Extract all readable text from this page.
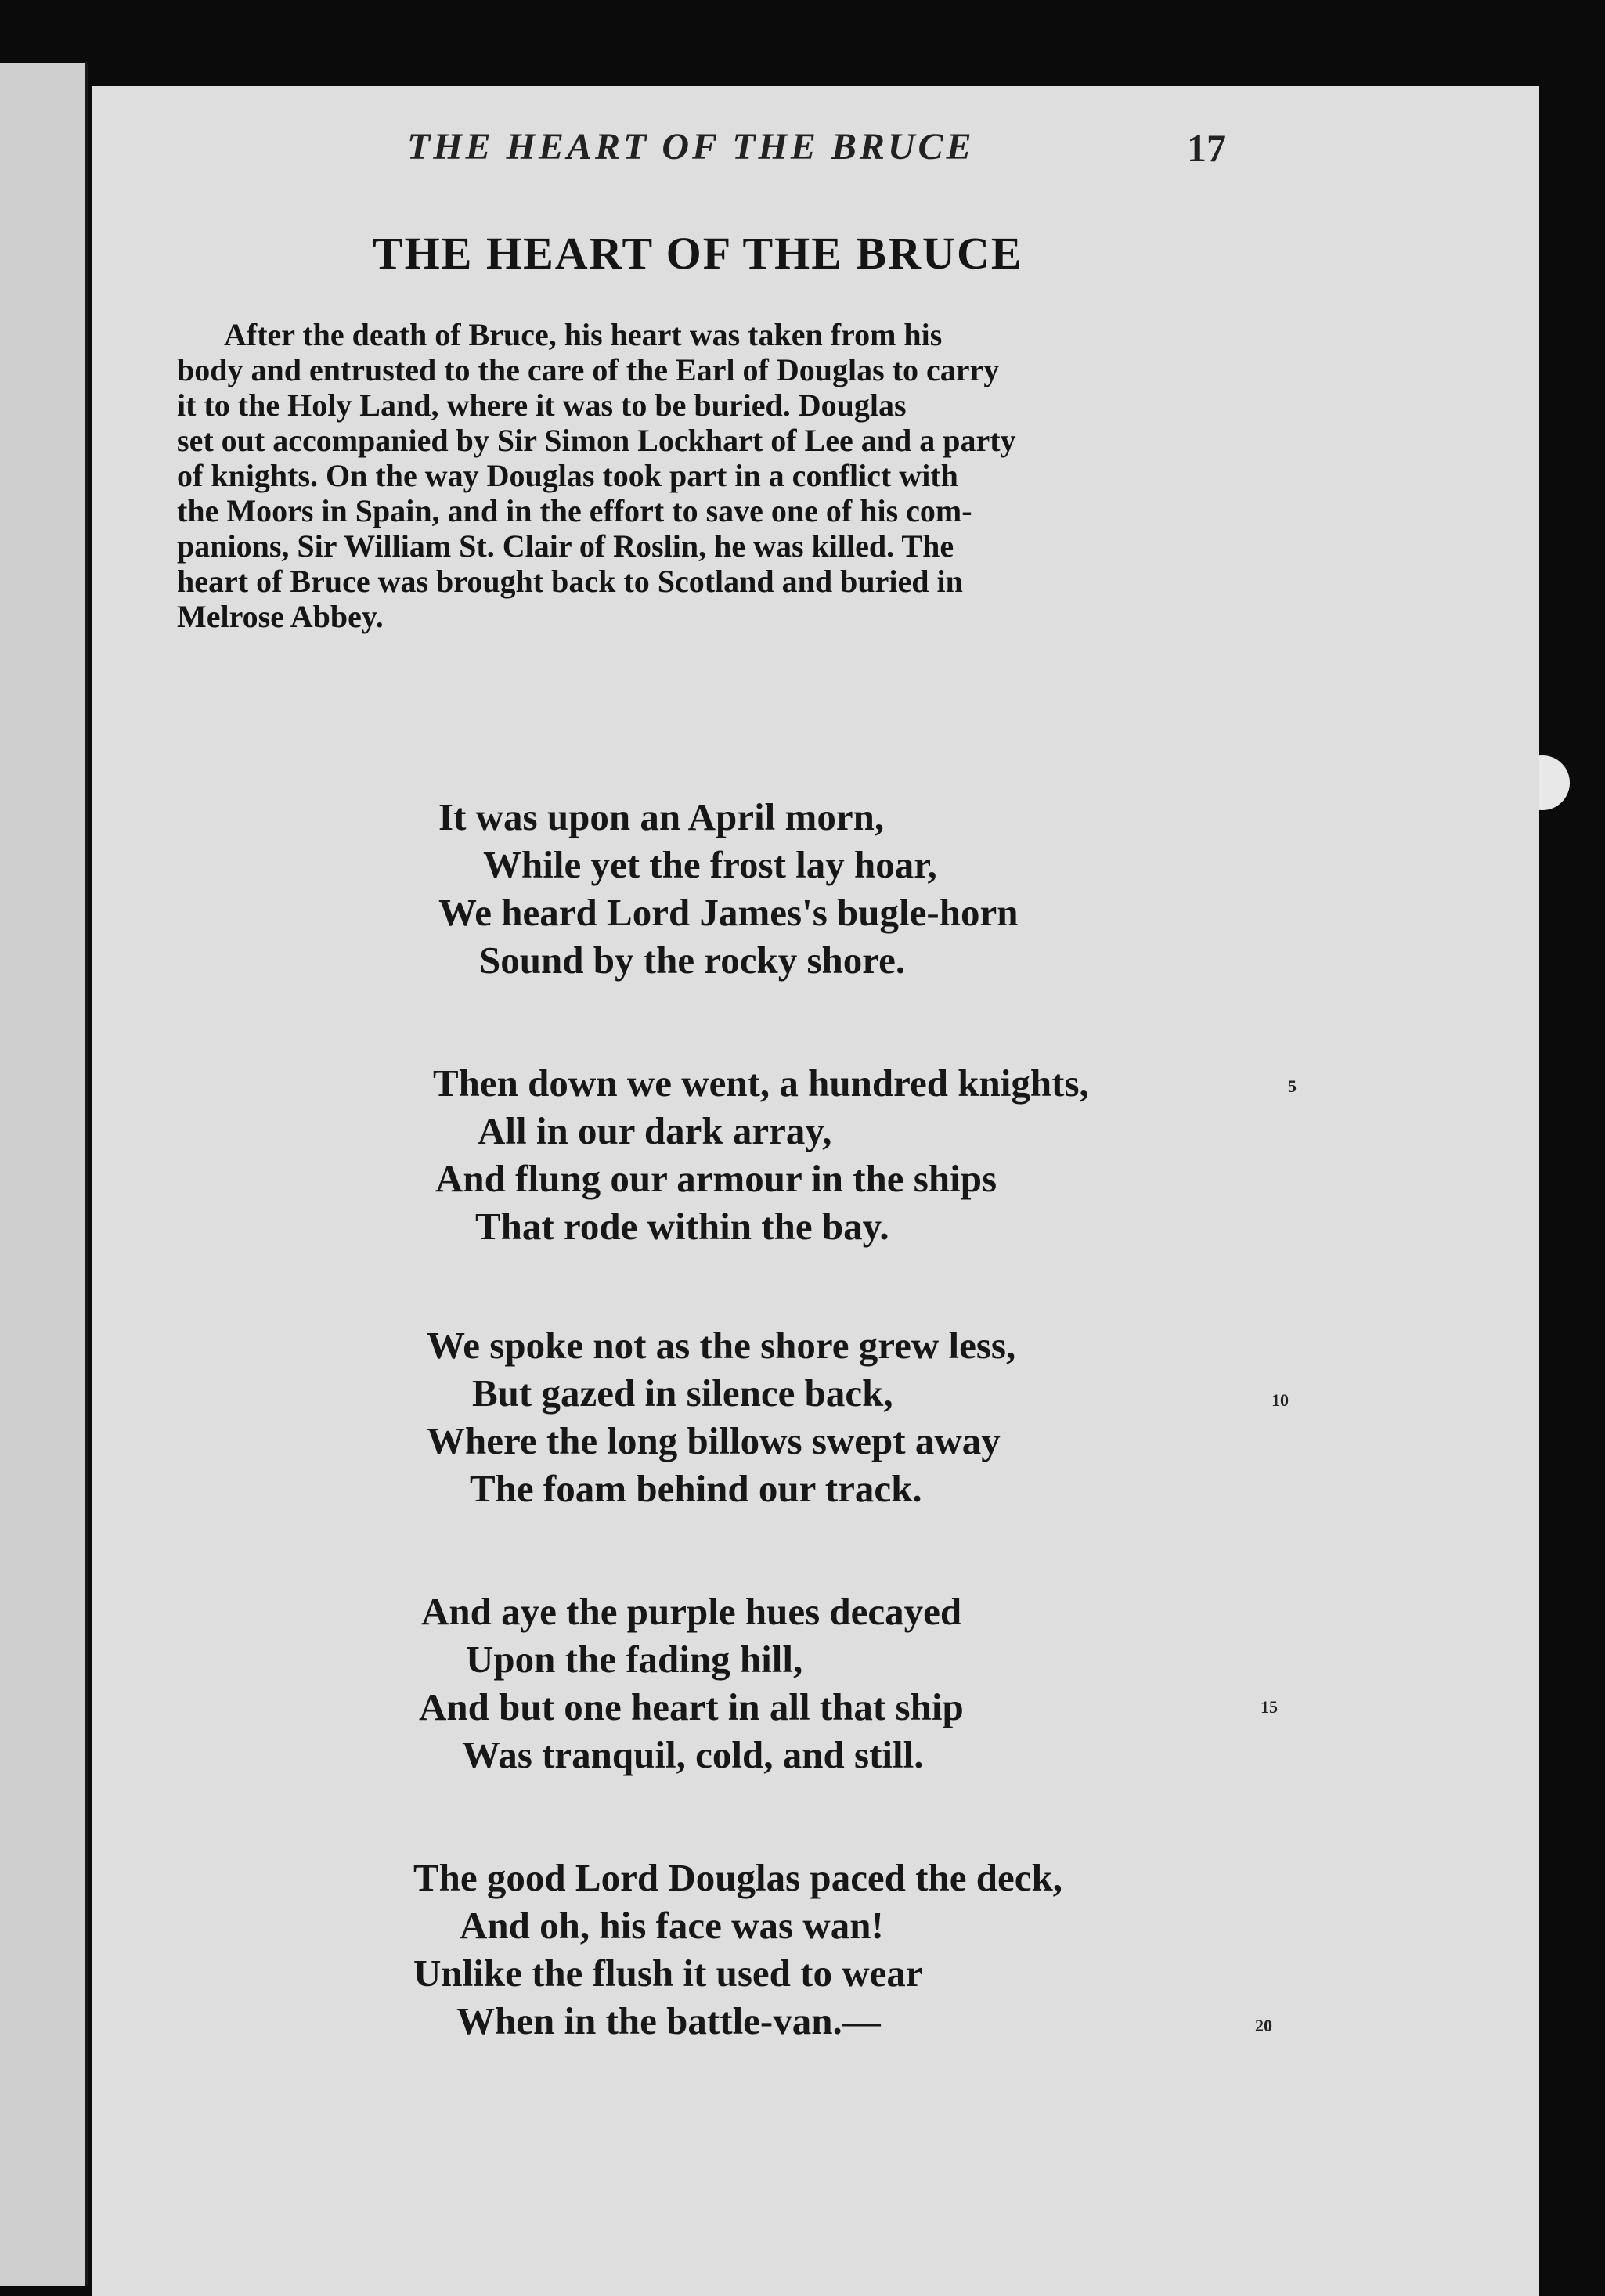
THE HEART OF THE BRUCE	17
THE HEART OF THE BRUCE
After the death of Bruce, his heart was taken from his
body and entrusted to the care of the Earl of Douglas to carry
it to the Holy Land, where it was to be buried. Douglas
set out accompanied by Sir Simon Lockhart of Lee and a party
of knights. On the way Douglas took part in a conflict with
the Moors in Spain, and in the effort to save one of his com-
panions, Sir William St. Clair of Roslin, he was killed. The
heart of Bruce was brought back to Scotland and buried in
Melrose Abbey.
It was upon an April morn,
While yet the frost lay hoar,
We heard Lord James's bugle-horn
Sound by the rocky shore.
Then down we went, a hundred knights,
All in our dark array,
And flung our armour in the ships
That rode within the bay.
5
We spoke not as the shore grew less,
But gazed in silence back,
Where the long billows swept away
The foam behind our track.
10
And aye the purple hues decayed
Upon the fading hill,
And but one heart in all that ship
Was tranquil, cold, and still.
15
The good Lord Douglas paced the deck,
And oh, his face was wan!
Unlike the flush it used to wear
When in the battle-van.—	20
